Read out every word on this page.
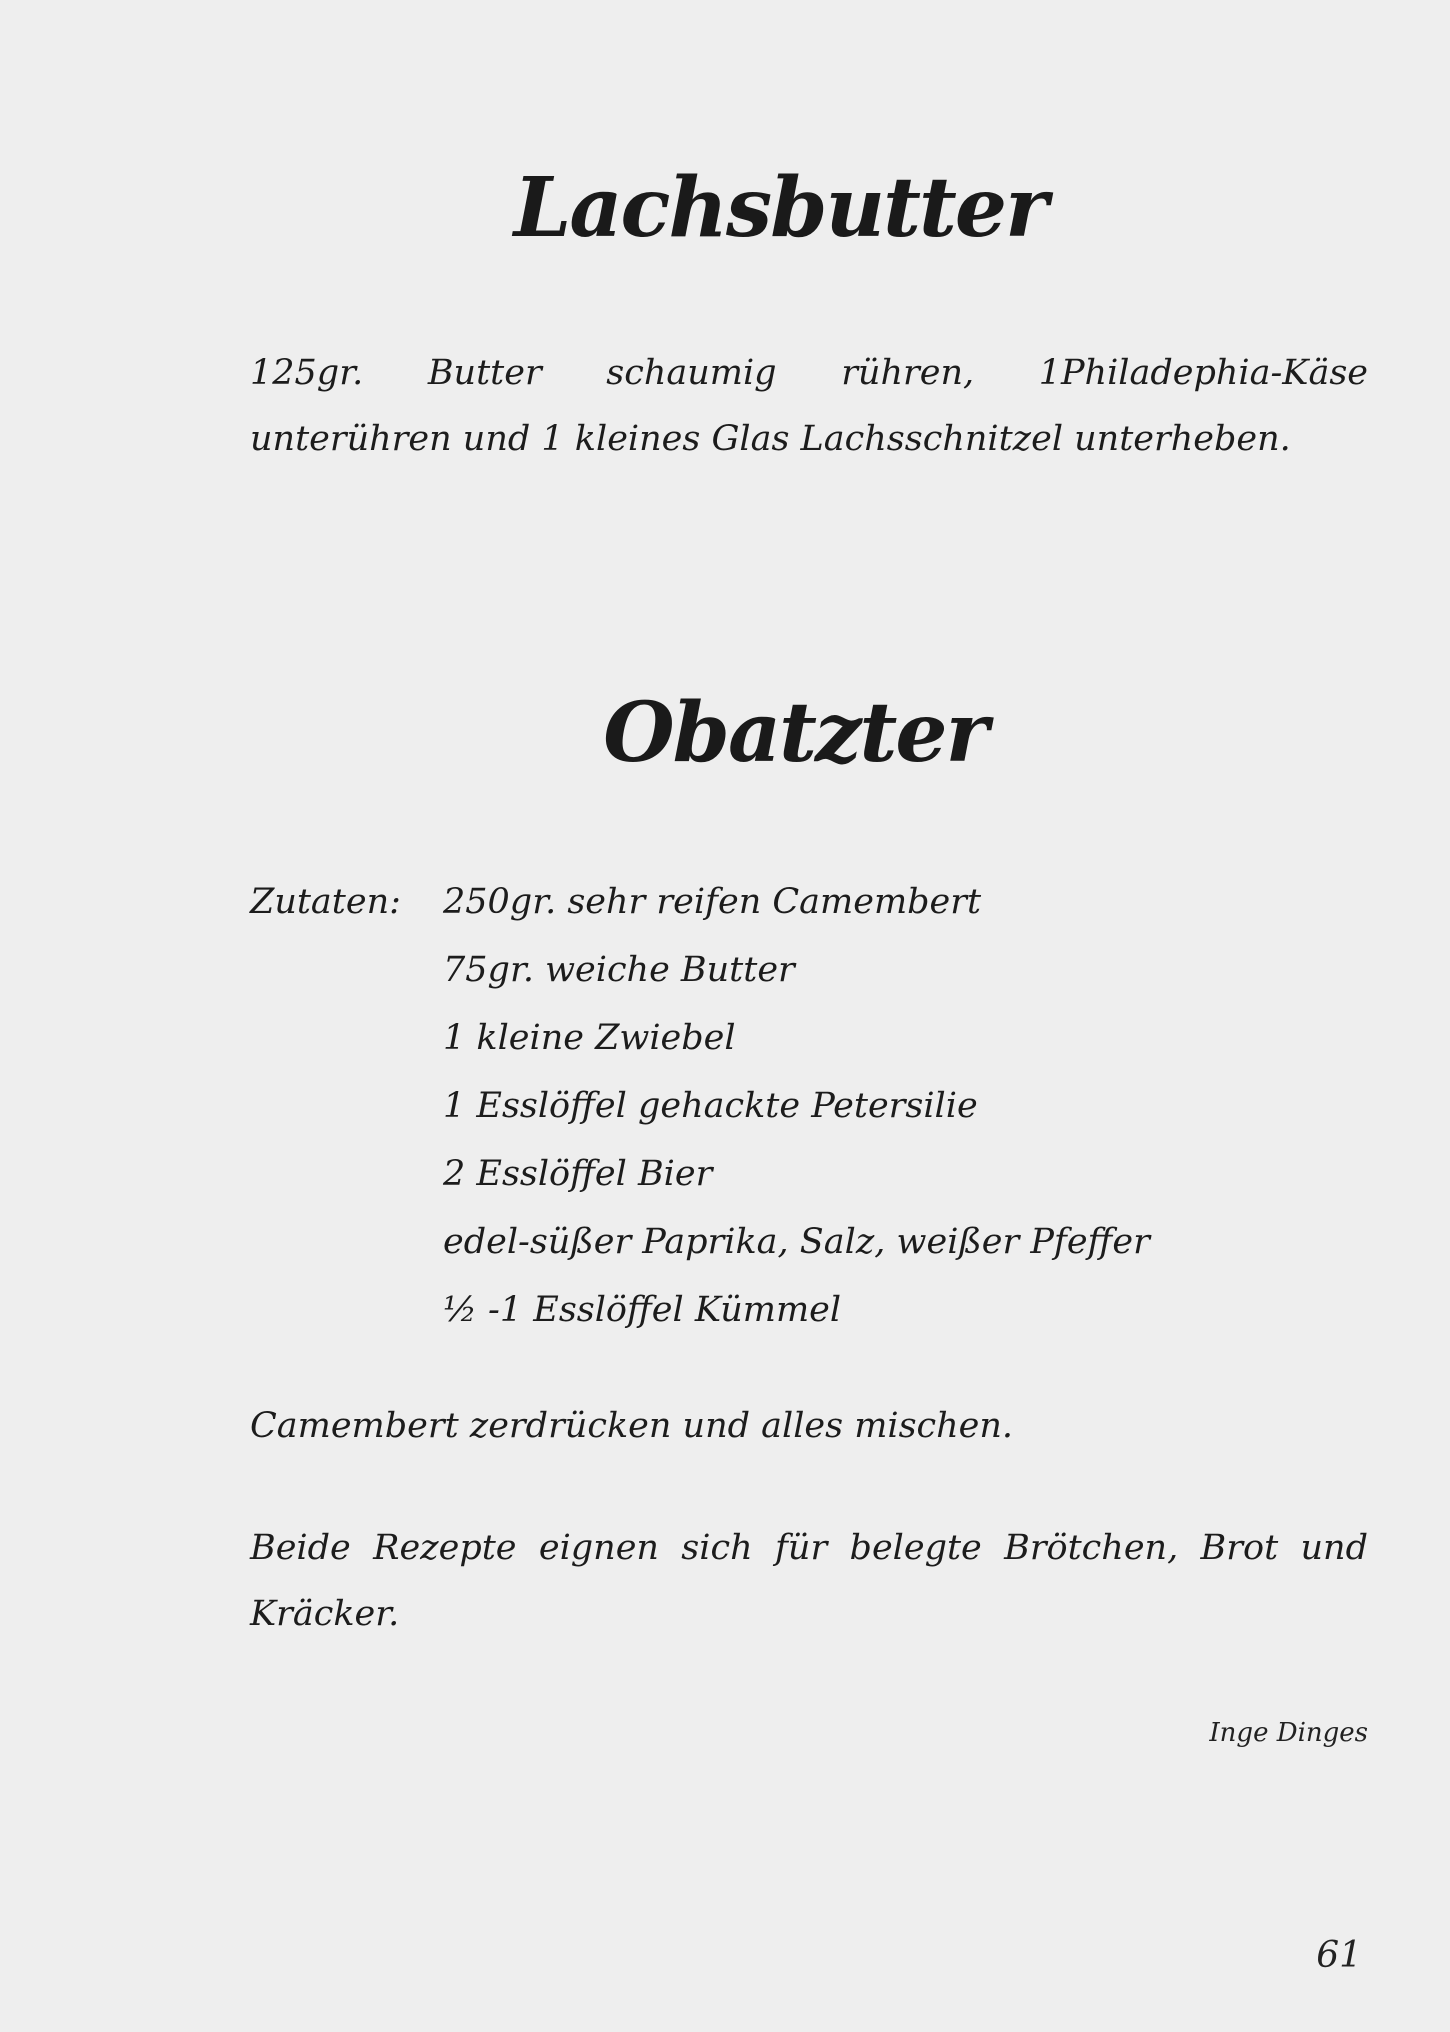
Lachsbutter
125gr. Butter schaumig rühren, 1Philadephia-Käse
unterühren und 1 kleines Glas Lachsschnitzel unterheben.
Obatzter
Zutaten: 250gr. sehr reifen Camembert
75gr. weiche Butter
1 kleine Zwiebel
1 Esslöffel gehackte Petersilie
2 Esslöffel Bier
edel-süßer Paprika, Salz, weißer Pfeffer
½ -1 Esslöffel Kümmel
Camembert zerdrücken und alles mischen.
Beide Rezepte eignen sich für belegte Brötchen, Brot und Kräcker.
Inge Dinges
61
